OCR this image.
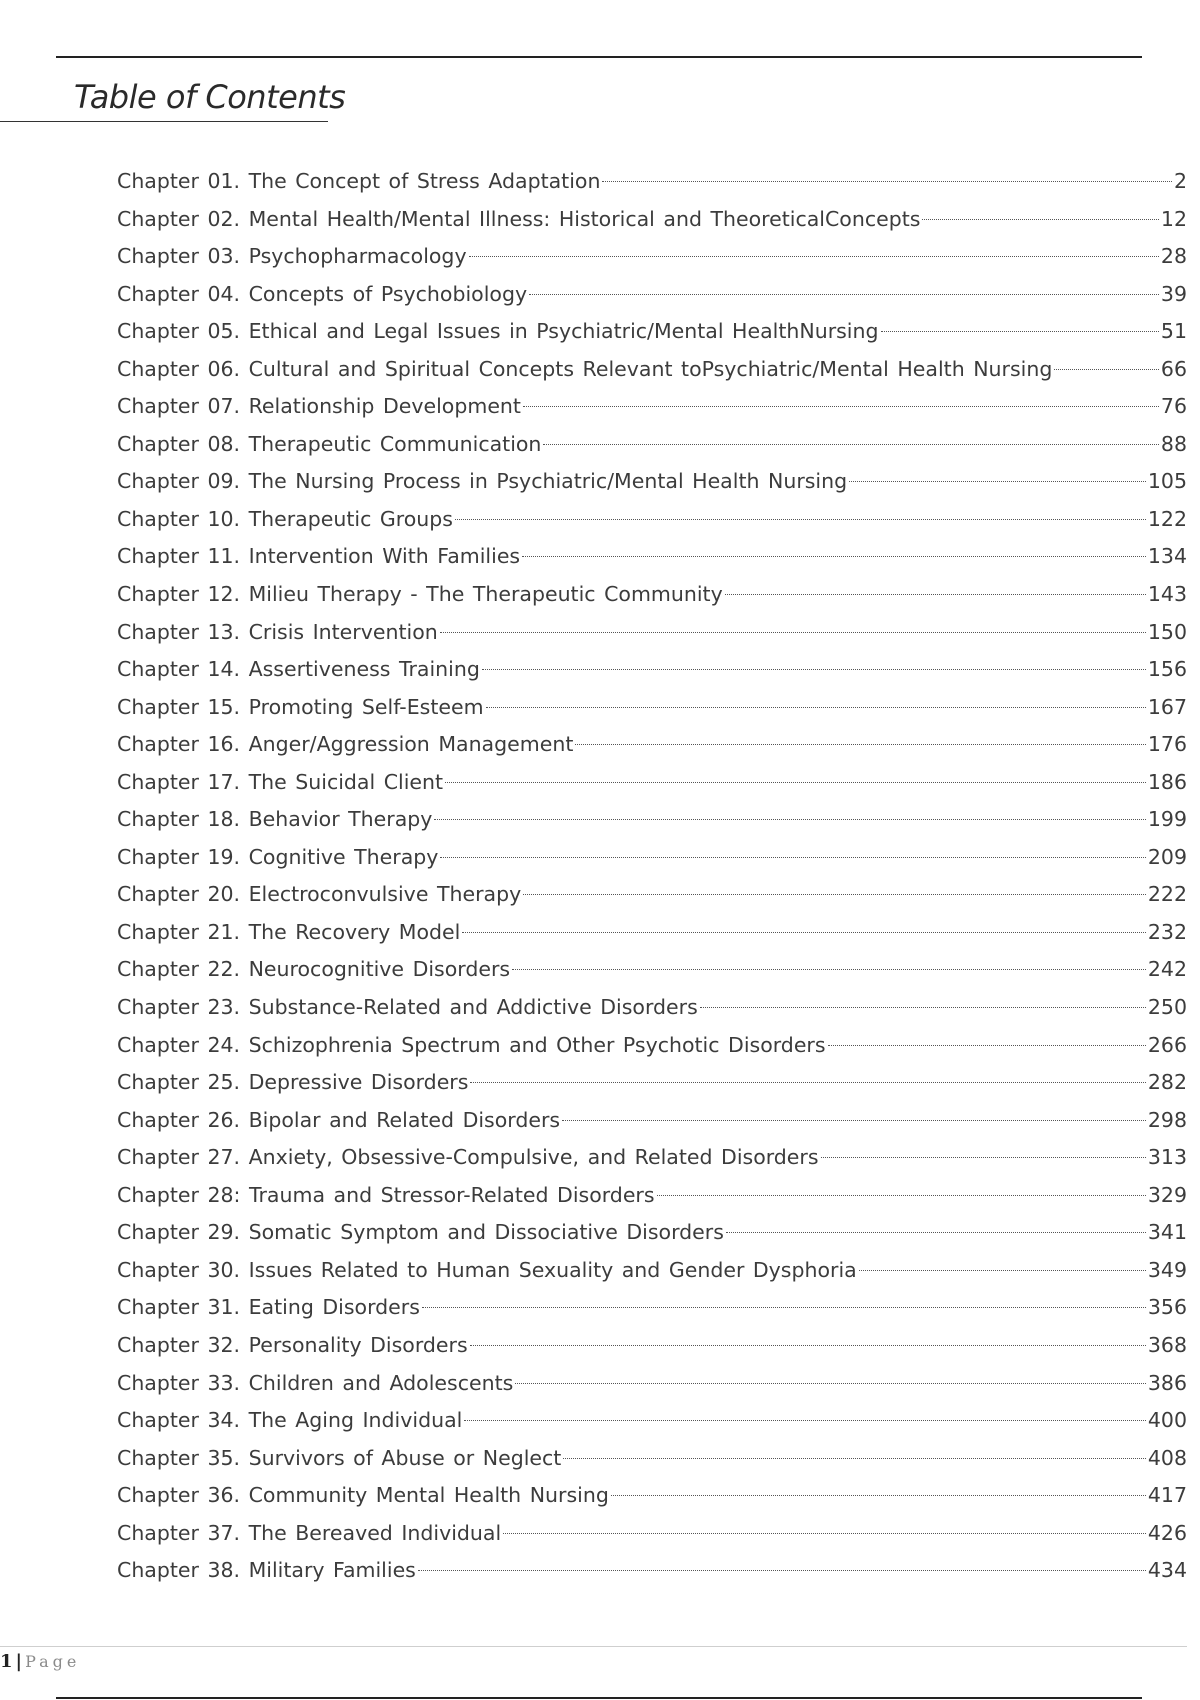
Table of Contents
Chapter 01. The Concept of Stress Adaptation	2
Chapter 02. Mental Health/Mental Illness: Historical and TheoreticalConcepts	12
Chapter 03. Psychopharmacology	28
Chapter 04. Concepts of Psychobiology	39
Chapter 05. Ethical and Legal Issues in Psychiatric/Mental HealthNursing	51
Chapter 06. Cultural and Spiritual Concepts Relevant toPsychiatric/Mental Health Nursing	66
Chapter 07. Relationship Development	76
Chapter 08. Therapeutic Communication	88
Chapter 09. The Nursing Process in Psychiatric/Mental Health Nursing	105
Chapter 10. Therapeutic Groups	122
Chapter 11. Intervention With Families	134
Chapter 12. Milieu Therapy - The Therapeutic Community	143
Chapter 13. Crisis Intervention	150
Chapter 14. Assertiveness Training	156
Chapter 15. Promoting Self-Esteem	167
Chapter 16. Anger/Aggression Management	176
Chapter 17. The Suicidal Client	186
Chapter 18. Behavior Therapy	199
Chapter 19. Cognitive Therapy	209
Chapter 20. Electroconvulsive Therapy	222
Chapter 21. The Recovery Model	232
Chapter 22. Neurocognitive Disorders	242
Chapter 23. Substance-Related and Addictive Disorders	250
Chapter 24. Schizophrenia Spectrum and Other Psychotic Disorders	266
Chapter 25. Depressive Disorders	282
Chapter 26. Bipolar and Related Disorders	298
Chapter 27. Anxiety, Obsessive-Compulsive, and Related Disorders	313
Chapter 28: Trauma and Stressor-Related Disorders	329
Chapter 29. Somatic Symptom and Dissociative Disorders	341
Chapter 30. Issues Related to Human Sexuality and Gender Dysphoria	349
Chapter 31. Eating Disorders	356
Chapter 32. Personality Disorders	368
Chapter 33. Children and Adolescents	386
Chapter 34. The Aging Individual	400
Chapter 35. Survivors of Abuse or Neglect	408
Chapter 36. Community Mental Health Nursing	417
Chapter 37. The Bereaved Individual	426
Chapter 38. Military Families	434
1 | Page
